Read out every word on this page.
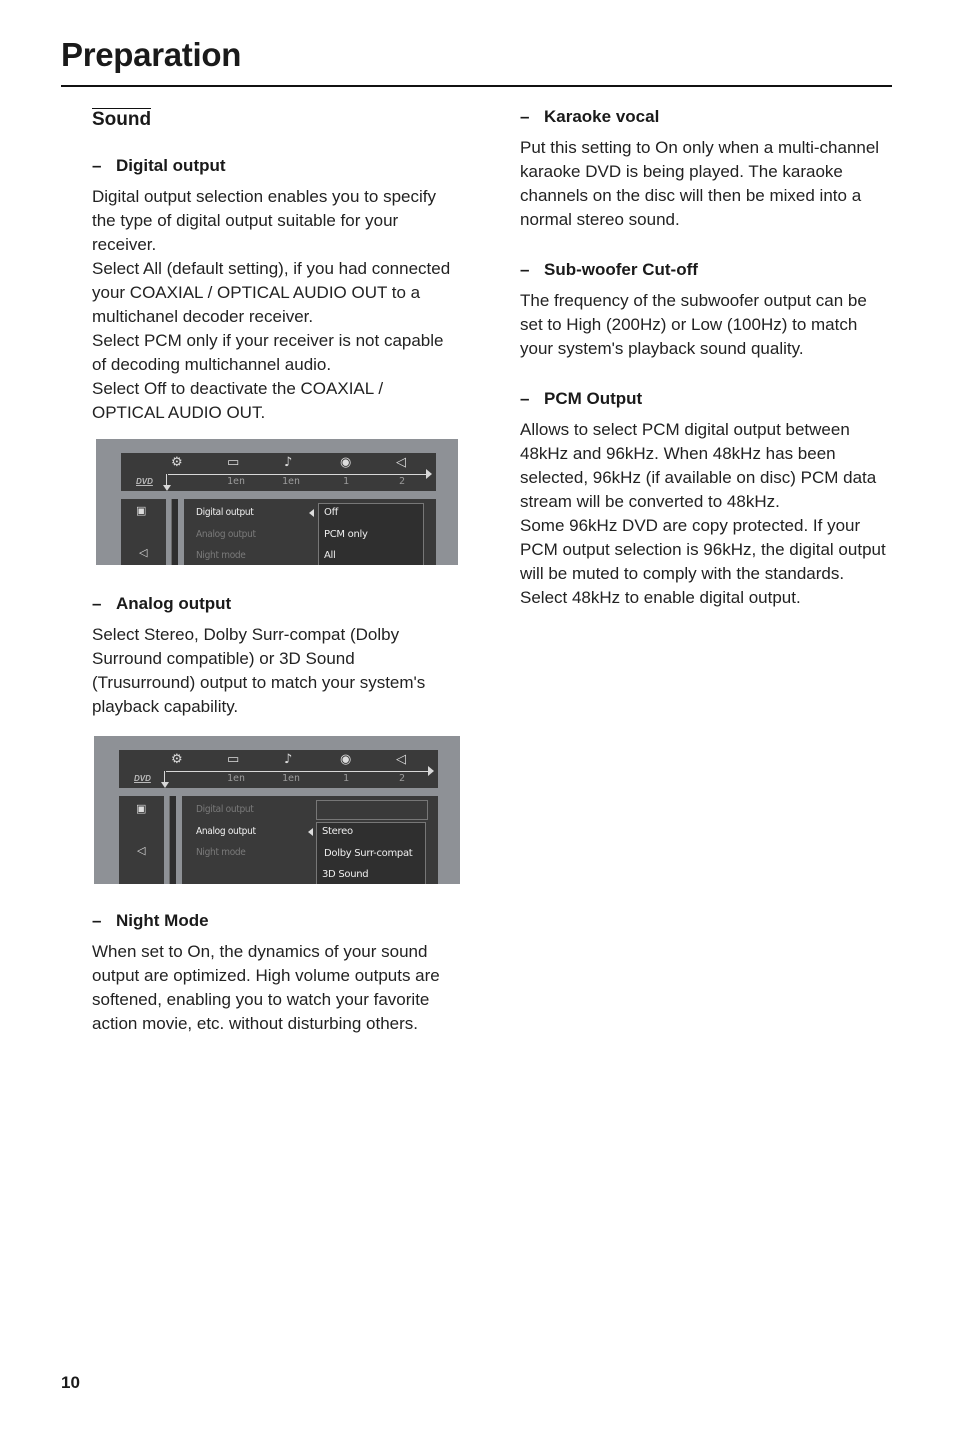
Preparation
Sound

– Digital output

Digital output selection enables you to specify
the type of digital output suitable for your
receiver.
Select All (default setting), if you had connected
your COAXIAL / OPTICAL AUDIO OUT to a
multichanel decoder receiver.
Select PCM only if your receiver is not capable
of decoding multichannel audio.
Select Off to deactivate the COAXIAL /
OPTICAL AUDIO OUT.

⚙	▭	♪	◉	◁
DVD	1en	1en	1	2
▣
◁
Digital output
Analog output
Night mode
Off
PCM only
All

– Analog output

Select Stereo, Dolby Surr-compat (Dolby
Surround compatible) or 3D Sound
(Trusurround) output to match your system's
playback capability.

⚙	▭	♪	◉	◁
DVD	1en	1en	1	2
▣
◁
Digital output
Analog output
Night mode
Stereo
Dolby Surr-compat
3D Sound

– Night Mode

When set to On, the dynamics of your sound
output are optimized. High volume outputs are
softened, enabling you to watch your favorite
action movie, etc. without disturbing others.

– Karaoke vocal

Put this setting to On only when a multi-channel
karaoke DVD is being played. The karaoke
channels on the disc will then be mixed into a
normal stereo sound.

– Sub-woofer Cut-off

The frequency of the subwoofer output can be
set to High (200Hz) or Low (100Hz) to match
your system's playback sound quality.

– PCM Output

Allows to select PCM digital output between
48kHz and 96kHz. When 48kHz has been
selected, 96kHz (if available on disc) PCM data
stream will be converted to 48kHz.
Some 96kHz DVD are copy protected. If your
PCM output selection is 96kHz, the digital output
will be muted to comply with the standards.
Select 48kHz to enable digital output.

10
